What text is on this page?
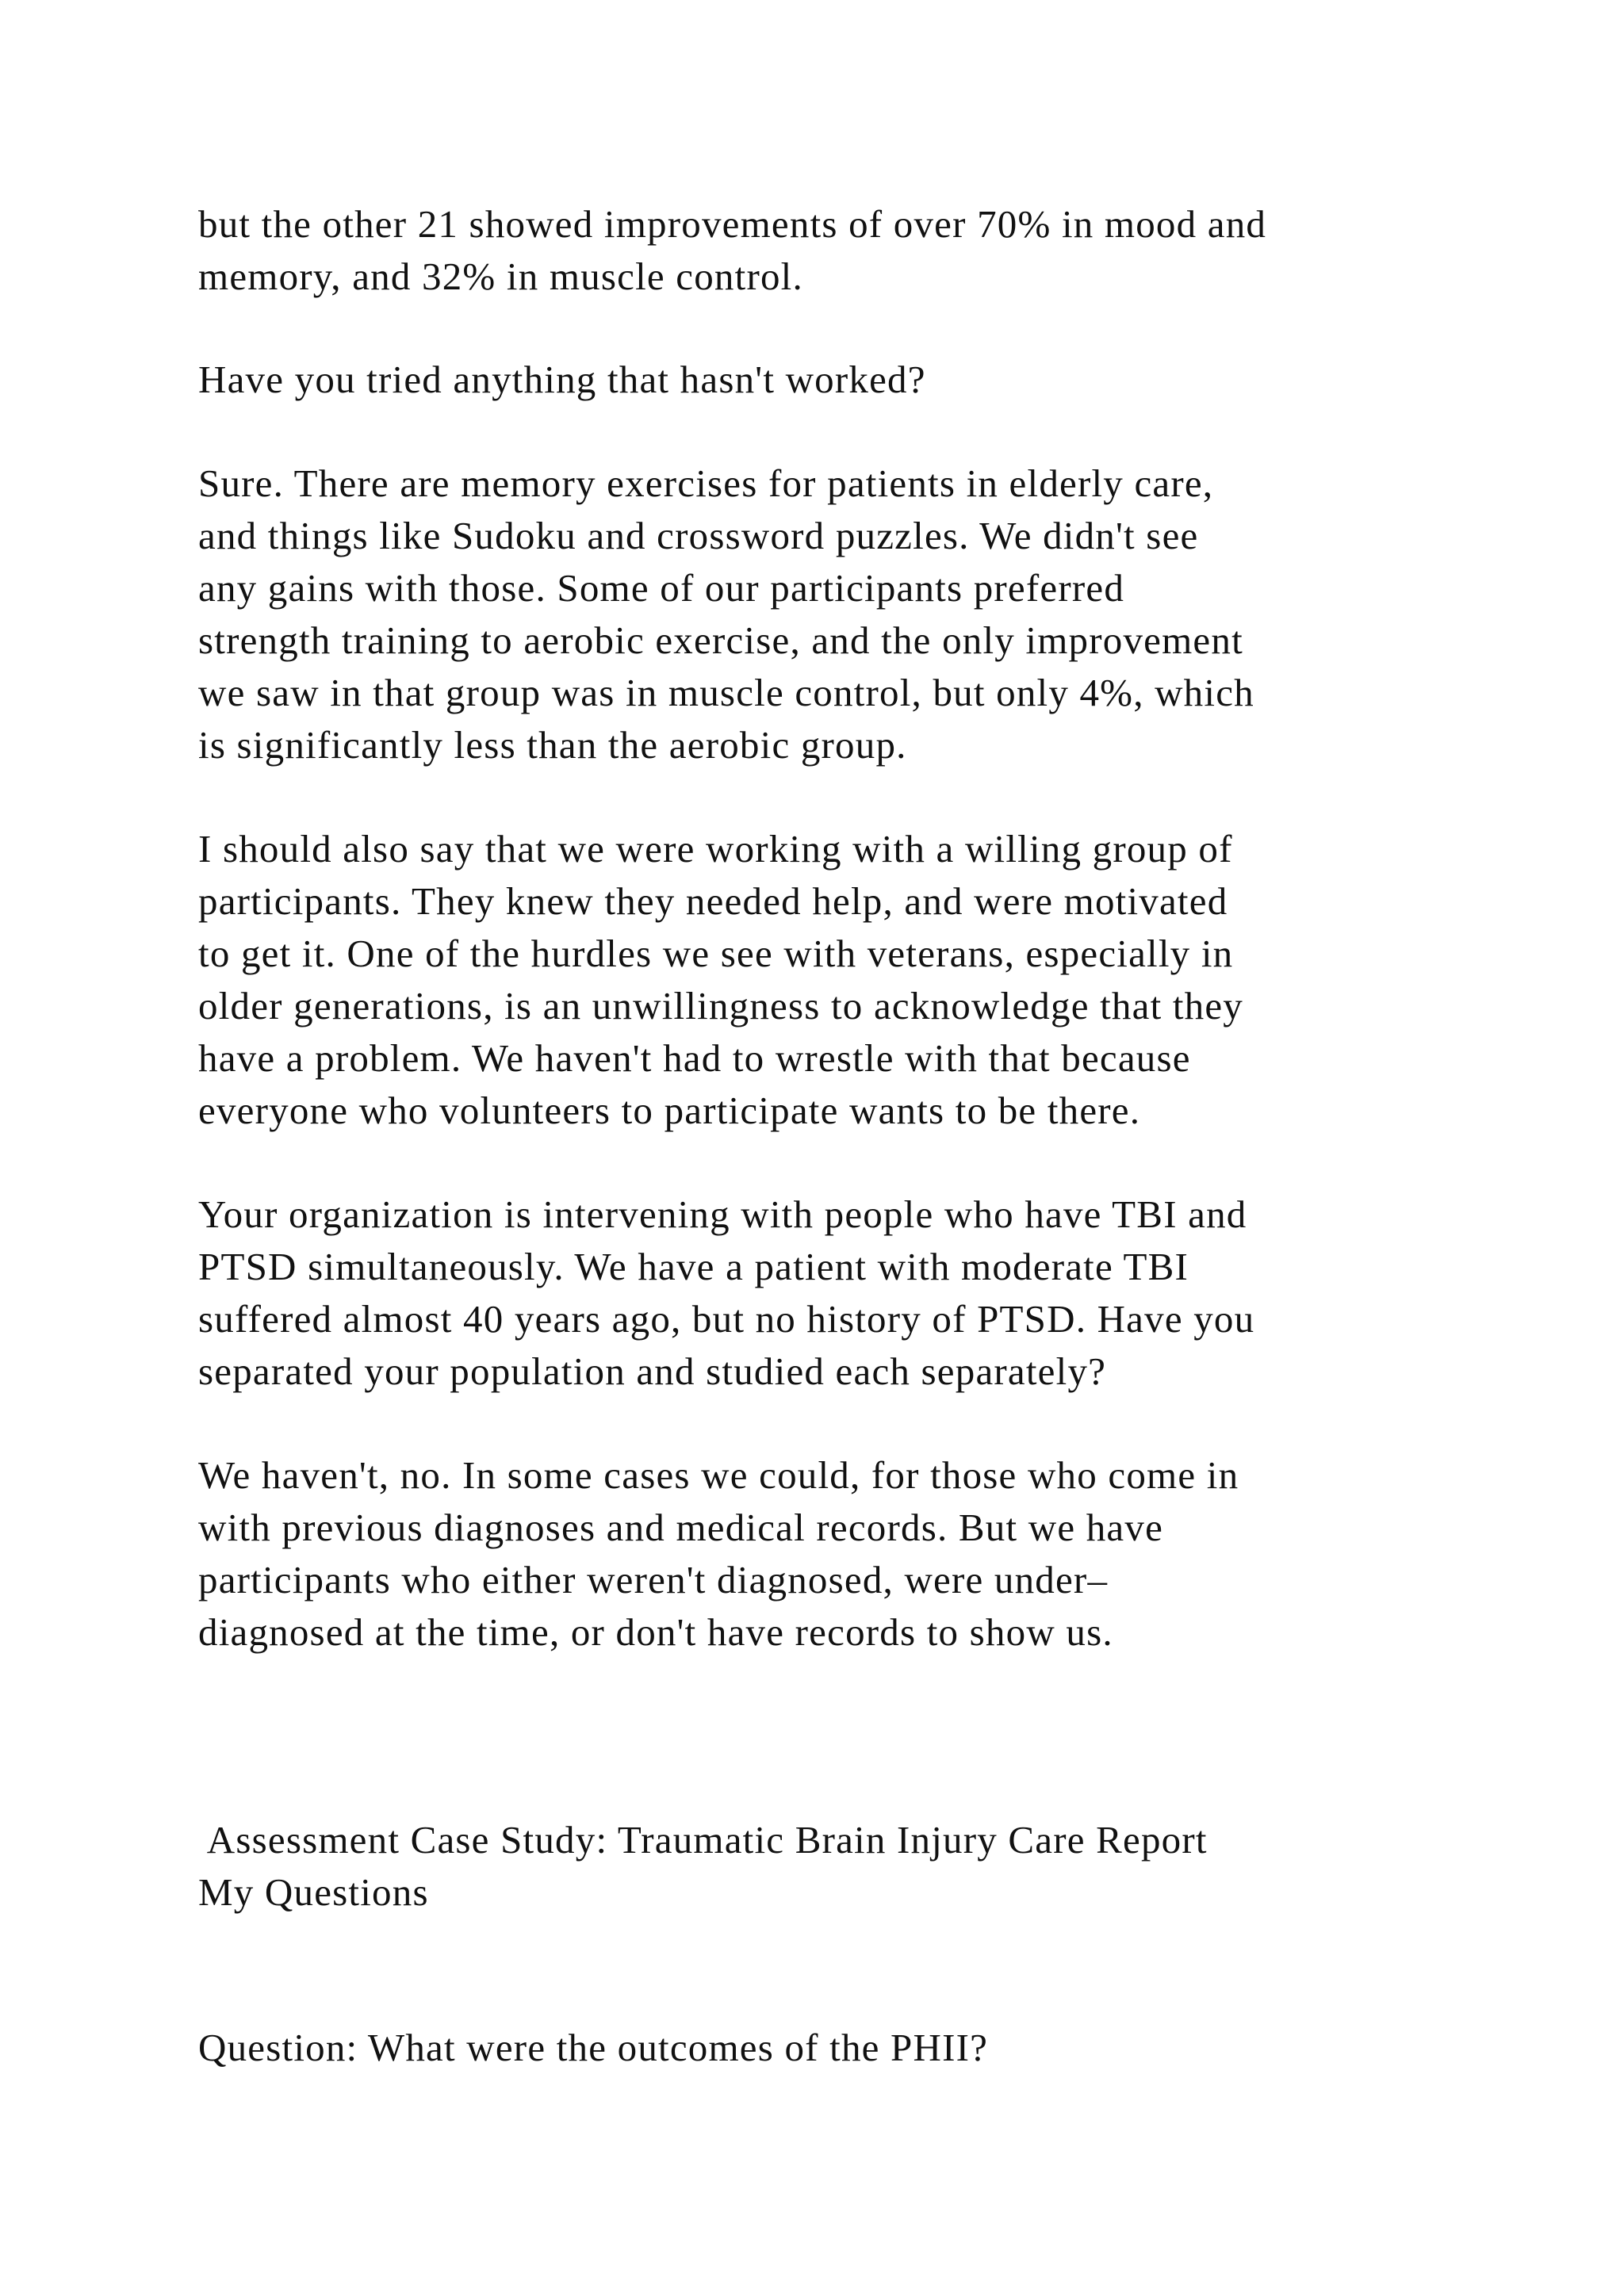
but the other 21 showed improvements of over 70% in mood and

memory, and 32% in muscle control.

Have you tried anything that hasn't worked?

Sure. There are memory exercises for patients in elderly care,

and things like Sudoku and crossword puzzles. We didn't see

any gains with those. Some of our participants preferred

strength training to aerobic exercise, and the only improvement

we saw in that group was in muscle control, but only 4%, which

is significantly less than the aerobic group.

I should also say that we were working with a willing group of

participants. They knew they needed help, and were motivated

to get it. One of the hurdles we see with veterans, especially in

older generations, is an unwillingness to acknowledge that they

have a problem. We haven't had to wrestle with that because

everyone who volunteers to participate wants to be there.

Your organization is intervening with people who have TBI and

PTSD simultaneously. We have a patient with moderate TBI

suffered almost 40 years ago, but no history of PTSD. Have you

separated your population and studied each separately?

We haven't, no. In some cases we could, for those who come in

with previous diagnoses and medical records. But we have

participants who either weren't diagnosed, were under–

diagnosed at the time, or don't have records to show us.

Assessment Case Study: Traumatic Brain Injury Care Report

My Questions

Question: What were the outcomes of the PHII?
